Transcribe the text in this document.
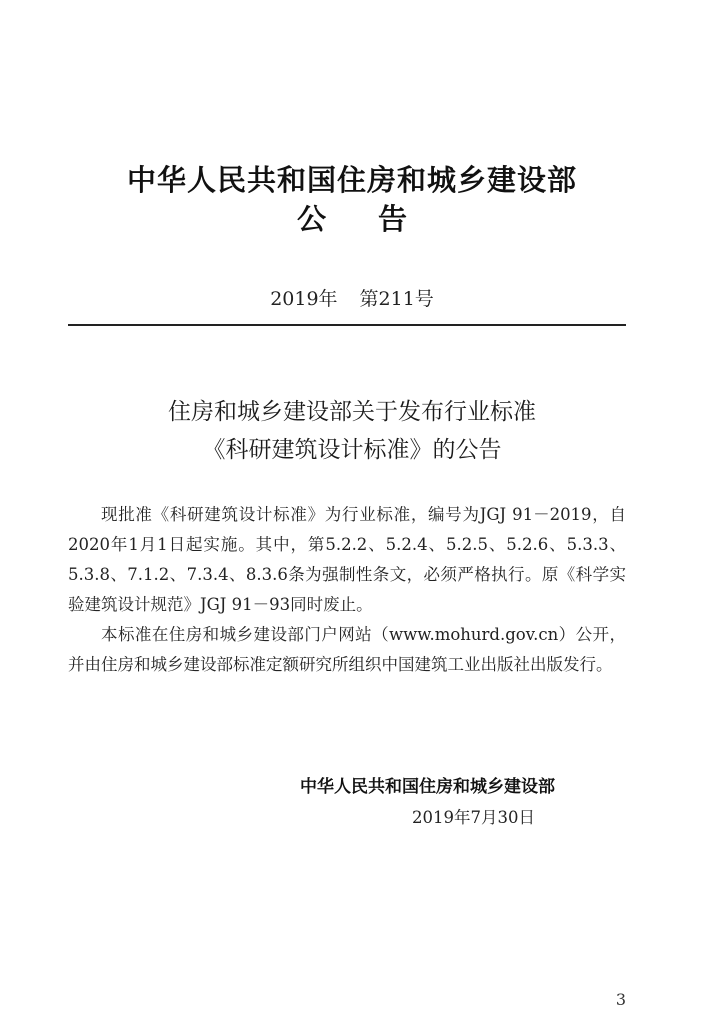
中华人民共和国住房和城乡建设部
公告
2019年 第211号
住房和城乡建设部关于发布行业标准
《科研建筑设计标准》的公告

现批准《科研建筑设计标准》为行业标准，编号为JGJ 91－2019，自2020年1月1日起实施。其中，第5.2.2、5.2.4、5.2.5、5.2.6、5.3.3、5.3.8、7.1.2、7.3.4、8.3.6条为强制性条文，必须严格执行。原《科学实验建筑设计规范》JGJ 91－93同时废止。

本标准在住房和城乡建设部门户网站（www.mohurd.gov.cn）公开，并由住房和城乡建设部标准定额研究所组织中国建筑工业出版社出版发行。

中华人民共和国住房和城乡建设部
2019年7月30日
3
